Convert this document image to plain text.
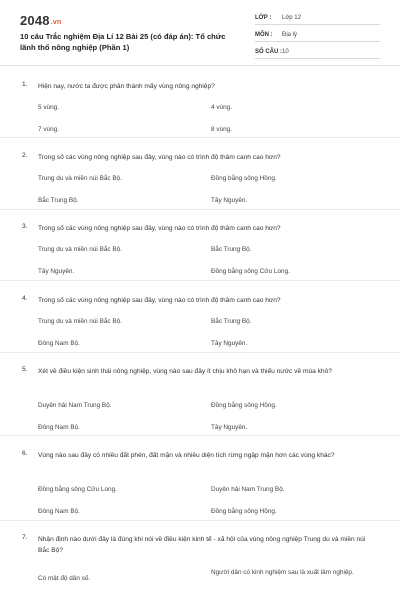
2048.vn
10 câu Trắc nghiệm Địa Lí 12 Bài 25 (có đáp án): Tổ chức lãnh thổ nông nghiệp (Phần 1)
LỚP : Lớp 12
MÔN : Địa lý
SỐ CÂU : 10
1. Hiện nay, nước ta được phân thành mấy vùng nông nghiệp?
5 vùng.	4 vùng.
7 vùng.	8 vùng.
2. Trong số các vùng nông nghiệp sau đây, vùng nào có trình độ thâm canh cao hơn?
Trung du và miền núi Bắc Bộ.	Đồng bằng sông Hồng.
Bắc Trung Bộ.	Tây Nguyên.
3. Trong số các vùng nông nghiệp sau đây, vùng nào có trình độ thâm canh cao hơn?
Trung du và miền núi Bắc Bộ.	Bắc Trung Bộ.
Tây Nguyên.	Đồng bằng sông Cửu Long.
4. Trong số các vùng nông nghiệp sau đây, vùng nào có trình độ thâm canh cao hơn?
Trung du và miền núi Bắc Bộ.	Bắc Trung Bộ.
Đông Nam Bộ.	Tây Nguyên.
5. Xét về điều kiện sinh thái nông nghiệp, vùng nào sau đây ít chịu khô hạn và thiếu nước về mùa khô?
Duyên hải Nam Trung Bộ.	Đồng bằng sông Hồng.
Đông Nam Bộ.	Tây Nguyên.
6. Vùng nào sau đây có nhiều đất phèn, đất mặn và nhiều diện tích rừng ngập mặn hơn các vùng khác?
Đồng bằng sông Cửu Long.	Duyên hải Nam Trung Bộ.
Đông Nam Bộ.	Đồng bằng sông Hồng.
7. Nhận định nào dưới đây là đúng khi nói về điều kiện kinh tế - xã hội của vùng nông nghiệp Trung du và miền núi Bắc Bộ?
Có mật độ dân số.
Người dân có kinh nghiệm sau là xuất lâm nghiệp.
